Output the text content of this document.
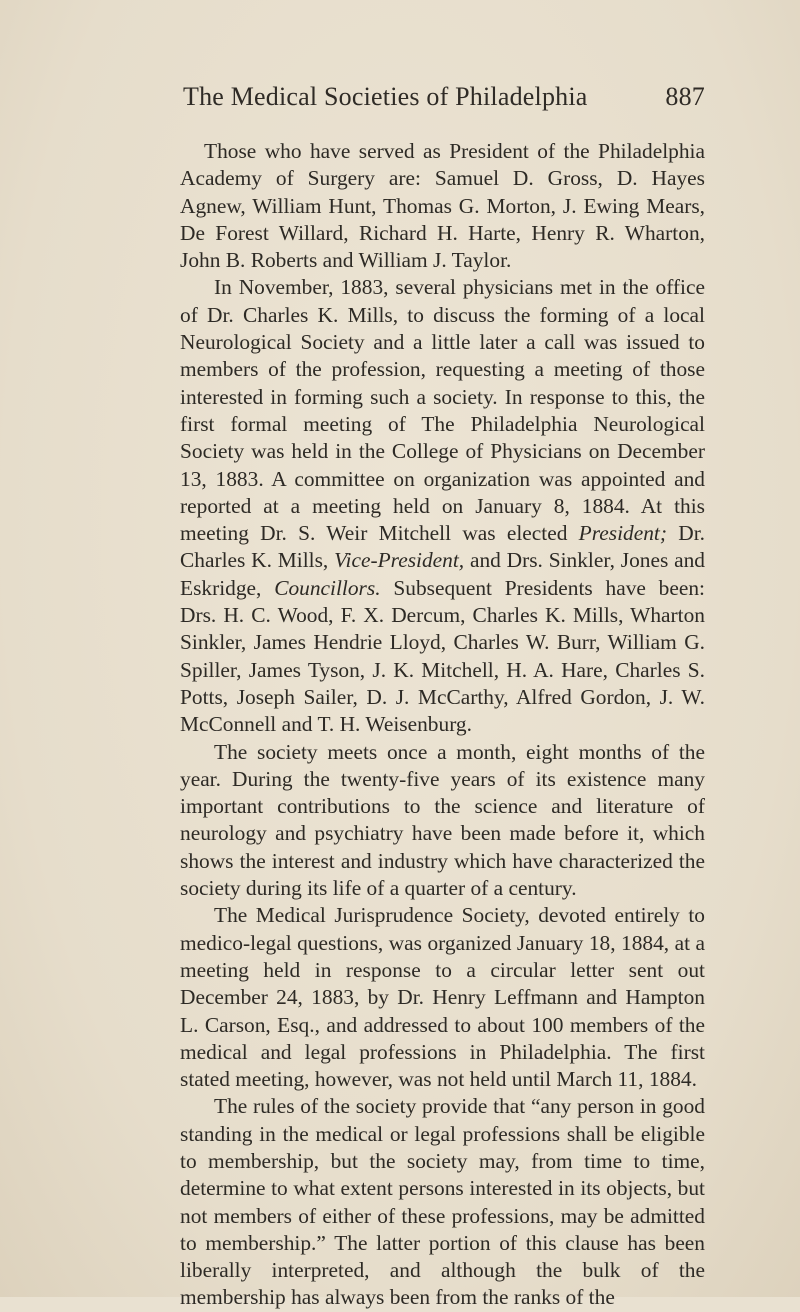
The Medical Societies of Philadelphia	887

Those who have served as President of the Philadelphia Academy of Surgery are: Samuel D. Gross, D. Hayes Agnew, William Hunt, Thomas G. Morton, J. Ewing Mears, De Forest Willard, Richard H. Harte, Henry R. Wharton, John B. Roberts and William J. Taylor.

In November, 1883, several physicians met in the office of Dr. Charles K. Mills, to discuss the forming of a local Neurological Society and a little later a call was issued to members of the profession, requesting a meeting of those interested in forming such a society. In response to this, the first formal meeting of The Philadelphia Neurological Society was held in the College of Physicians on December 13, 1883. A committee on organization was appointed and reported at a meeting held on January 8, 1884. At this meeting Dr. S. Weir Mitchell was elected President; Dr. Charles K. Mills, Vice-President, and Drs. Sinkler, Jones and Eskridge, Councillors. Subsequent Presidents have been: Drs. H. C. Wood, F. X. Dercum, Charles K. Mills, Wharton Sinkler, James Hendrie Lloyd, Charles W. Burr, William G. Spiller, James Tyson, J. K. Mitchell, H. A. Hare, Charles S. Potts, Joseph Sailer, D. J. McCarthy, Alfred Gordon, J. W. McConnell and T. H. Weisenburg.

The society meets once a month, eight months of the year. During the twenty-five years of its existence many important contributions to the science and literature of neurology and psychiatry have been made before it, which shows the interest and industry which have characterized the society during its life of a quarter of a century.

The Medical Jurisprudence Society, devoted entirely to medico-legal questions, was organized January 18, 1884, at a meeting held in response to a circular letter sent out December 24, 1883, by Dr. Henry Leffmann and Hampton L. Carson, Esq., and addressed to about 100 members of the medical and legal professions in Philadelphia. The first stated meeting, however, was not held until March 11, 1884.

The rules of the society provide that “any person in good standing in the medical or legal professions shall be eligible to membership, but the society may, from time to time, determine to what extent persons interested in its objects, but not members of either of these professions, may be admitted to membership.” The latter portion of this clause has been liberally interpreted, and although the bulk of the membership has always been from the ranks of the
